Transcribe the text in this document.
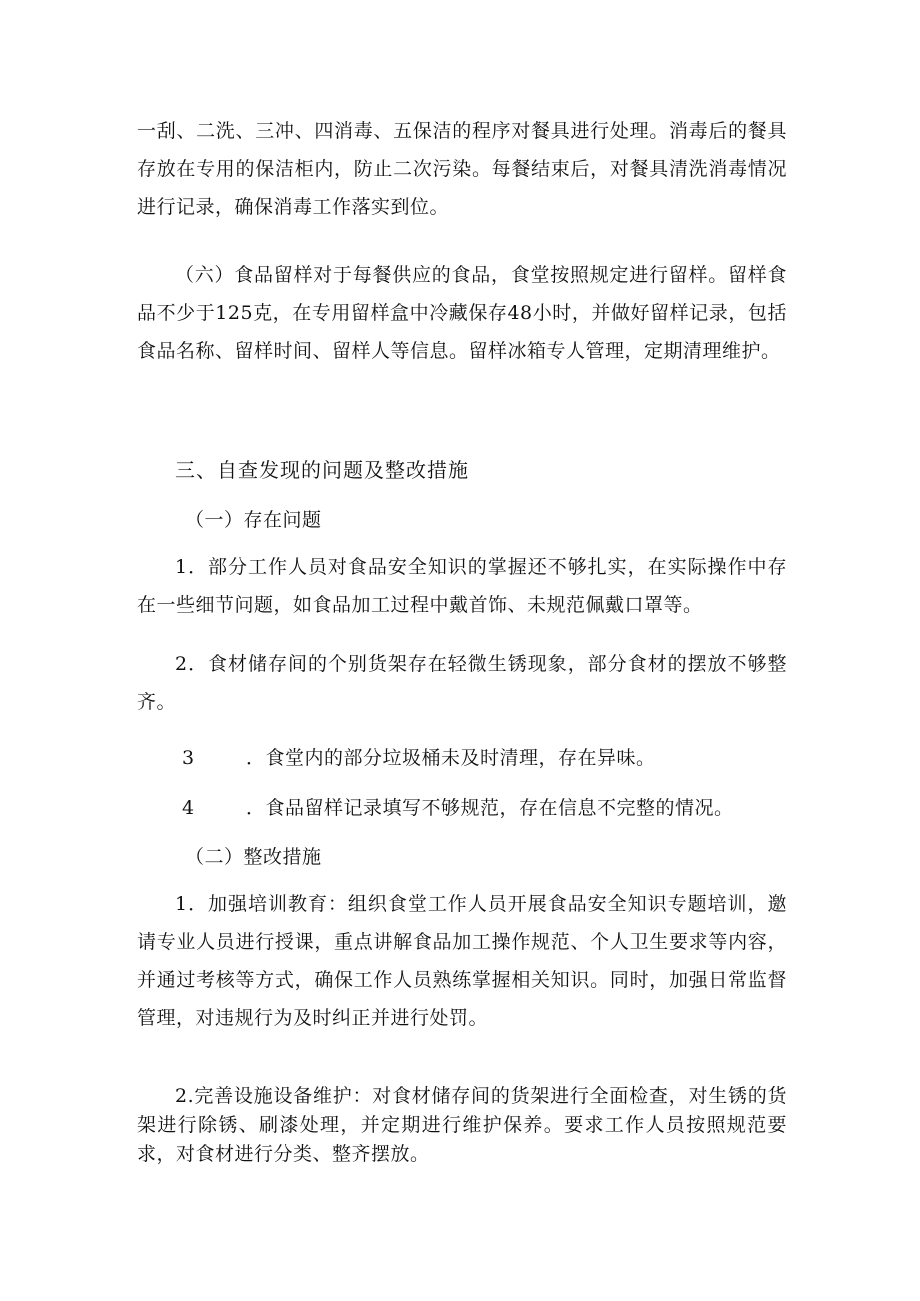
一刮、二洗、三冲、四消毒、五保洁的程序对餐具进行处理。消毒后的餐具存放在专用的保洁柜内，防止二次污染。每餐结束后，对餐具清洗消毒情况进行记录，确保消毒工作落实到位。

（六）食品留样对于每餐供应的食品，食堂按照规定进行留样。留样食品不少于125克，在专用留样盒中冷藏保存48小时，并做好留样记录，包括食品名称、留样时间、留样人等信息。留样冰箱专人管理，定期清理维护。

三、自查发现的问题及整改措施

（一）存在问题

1．部分工作人员对食品安全知识的掌握还不够扎实，在实际操作中存在一些细节问题，如食品加工过程中戴首饰、未规范佩戴口罩等。

2．食材储存间的个别货架存在轻微生锈现象，部分食材的摆放不够整齐。

3	．食堂内的部分垃圾桶未及时清理，存在异味。

4	．食品留样记录填写不够规范，存在信息不完整的情况。

（二）整改措施

1．加强培训教育：组织食堂工作人员开展食品安全知识专题培训，邀请专业人员进行授课，重点讲解食品加工操作规范、个人卫生要求等内容，并通过考核等方式，确保工作人员熟练掌握相关知识。同时，加强日常监督管理，对违规行为及时纠正并进行处罚。

2.完善设施设备维护：对食材储存间的货架进行全面检查，对生锈的货架进行除锈、刷漆处理，并定期进行维护保养。要求工作人员按照规范要求，对食材进行分类、整齐摆放。
